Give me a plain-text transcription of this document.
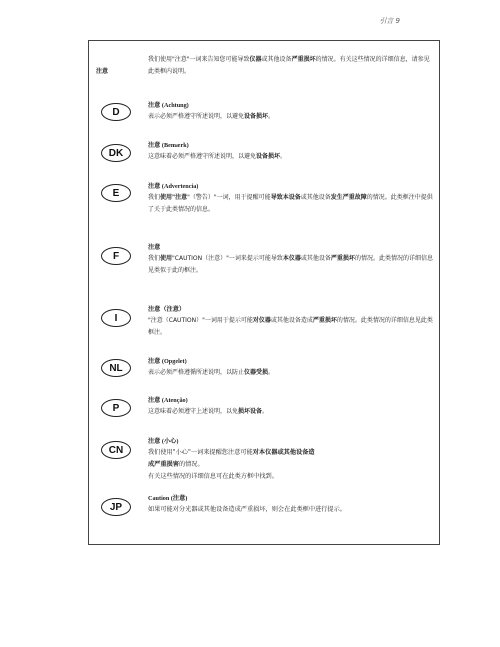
引言 9
注意
我们使用"注意"一词来告知您可能导致仪器或其他设备严重损坏的情况。有关这些情况的详细信息，请参见此类框内说明。
D
注意 (Achtung)
表示必须严格遵守所述说明，以避免设备损坏。
DK
注意 (Bemærk)
这意味着必须严格遵守所述说明，以避免设备损坏。
E
注意 (Advertencia)
我们使用"注意"（警告）"一词，用于提醒可能导致本设备或其他设备发生严重故障的情况。此类框注中提供了关于此类情况的信息。
F
注意
我们使用"CAUTION（注意）"一词来提示可能导致本仪器或其他设备严重损坏的情况。此类情况的详细信息见类似于此的框注。
I
注意（注意）
"注意（CAUTION）"一词用于提示可能对仪器或其他设备造成严重损坏的情况。此类情况的详细信息见此类框注。
NL
注意 (Opgelet)
表示必须严格遵循所述说明，以防止仪器受损。
P
注意 (Atenção)
这意味着必须遵守上述说明，以免损坏设备。
CN
注意 (小心)
我们使用"小心"一词来提醒您注意可能对本仪器或其他设备造
成严重损害的情况。
有关这些情况的详细信息可在此类方框中找到。
JP
Caution (注意)
如果可能对分光器或其他设备造成严重损坏，则会在此类框中进行提示。
